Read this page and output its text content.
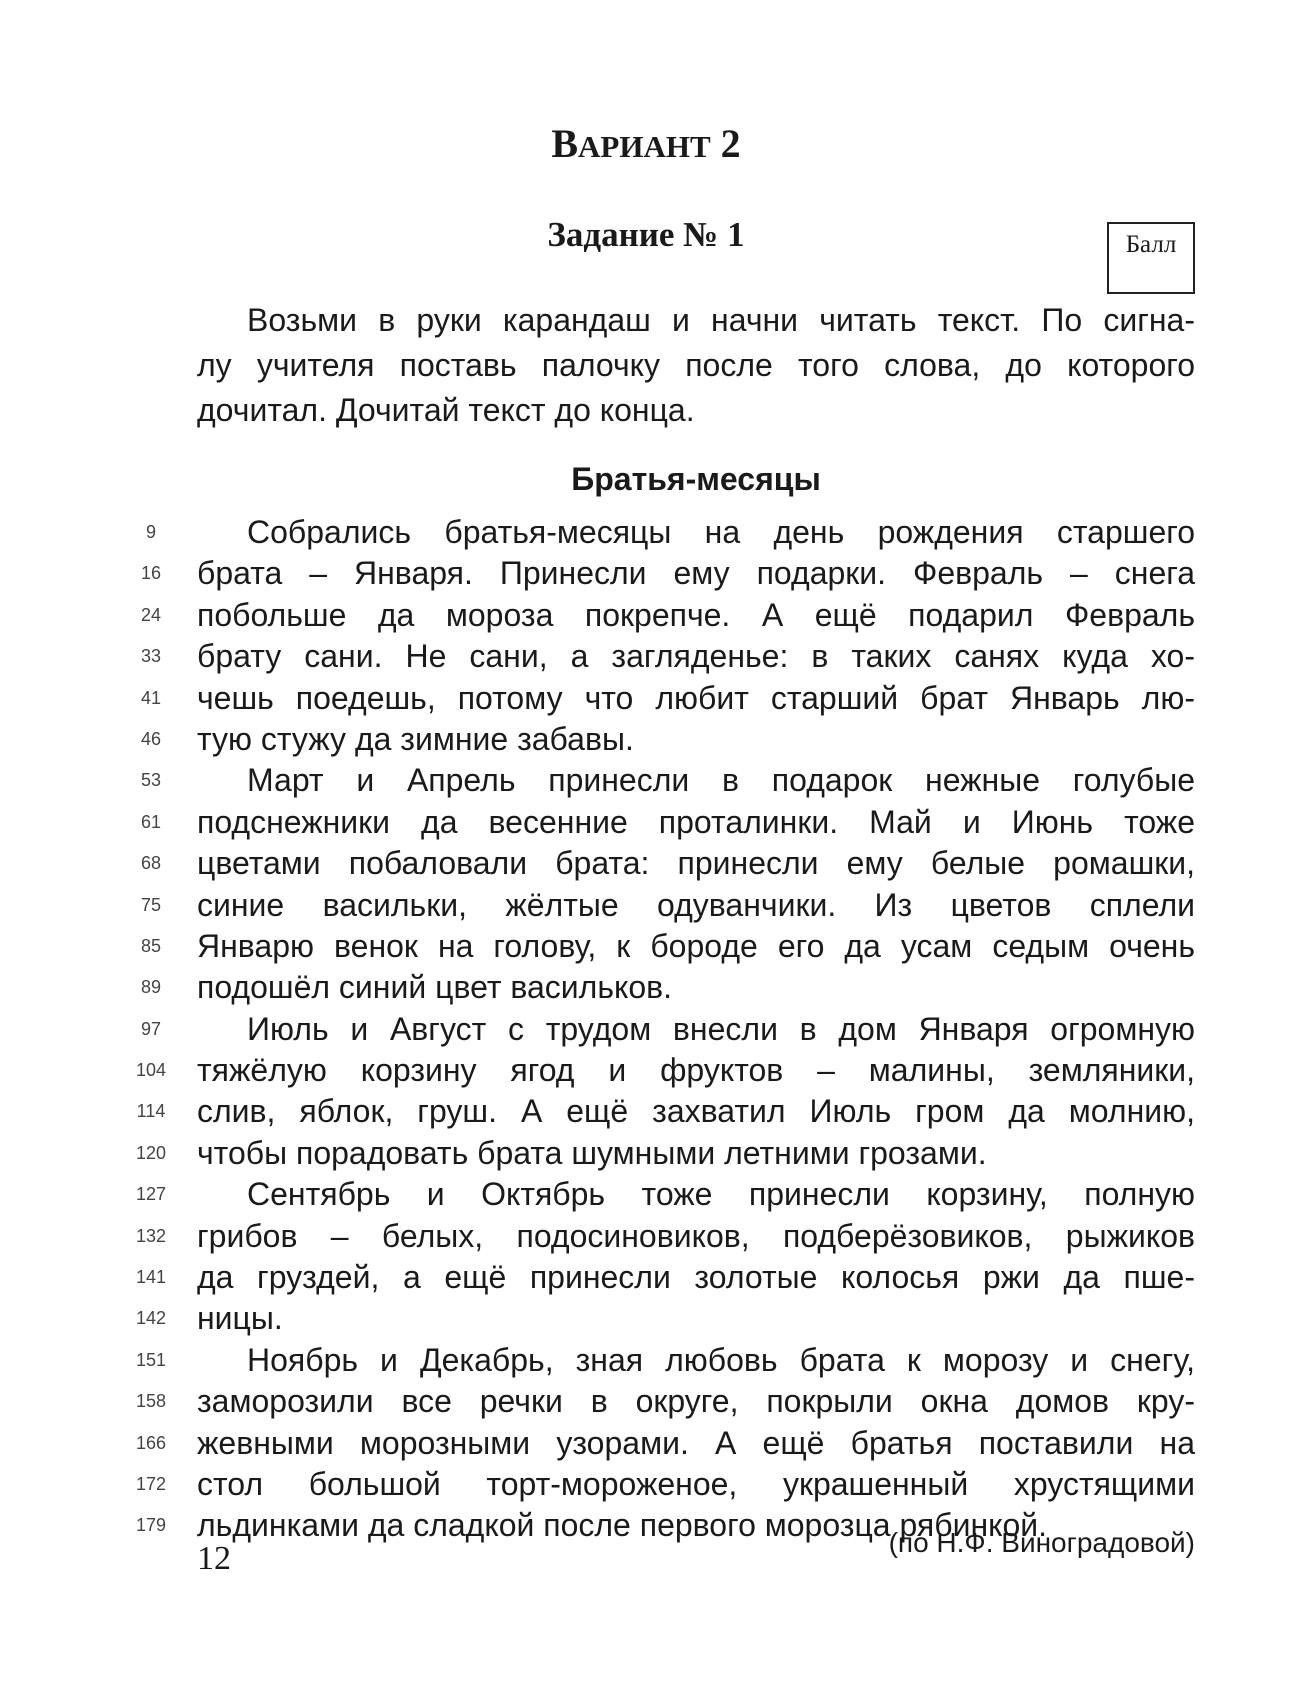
ВАРИАНТ 2
Задание № 1	Балл
Возьми в руки карандаш и начни читать текст. По сигна-
лу учителя поставь палочку после того слова, до которого
дочитал. Дочитай текст до конца.
Братья-месяцы
9	Собрались братья-месяцы на день рождения старшего
16	брата – Января. Принесли ему подарки. Февраль – снега
24	побольше да мороза покрепче. А ещё подарил Февраль
33	брату сани. Не сани, а загляденье: в таких санях куда хо-
41	чешь поедешь, потому что любит старший брат Январь лю-
46	тую стужу да зимние забавы.
53	Март и Апрель принесли в подарок нежные голубые
61	подснежники да весенние проталинки. Май и Июнь тоже
68	цветами побаловали брата: принесли ему белые ромашки,
75	синие васильки, жёлтые одуванчики. Из цветов сплели
85	Январю венок на голову, к бороде его да усам седым очень
89	подошёл синий цвет васильков.
97	Июль и Август с трудом внесли в дом Января огромную
104 тяжёлую корзину ягод и фруктов – малины, земляники,
114 слив, яблок, груш. А ещё захватил Июль гром да молнию,
120 чтобы порадовать брата шумными летними грозами.
127	Сентябрь и Октябрь тоже принесли корзину, полную
132 грибов – белых, подосиновиков, подберёзовиков, рыжиков
141 да груздей, а ещё принесли золотые колосья ржи да пше-
142 ницы.
151	Ноябрь и Декабрь, зная любовь брата к морозу и снегу,
158 заморозили все речки в округе, покрыли окна домов кру-
166 жевными морозными узорами. А ещё братья поставили на
172 стол большой торт-мороженое, украшенный хрустящими
179 льдинками да сладкой после первого морозца рябинкой.
(по Н.Ф. Виноградовой)
12
